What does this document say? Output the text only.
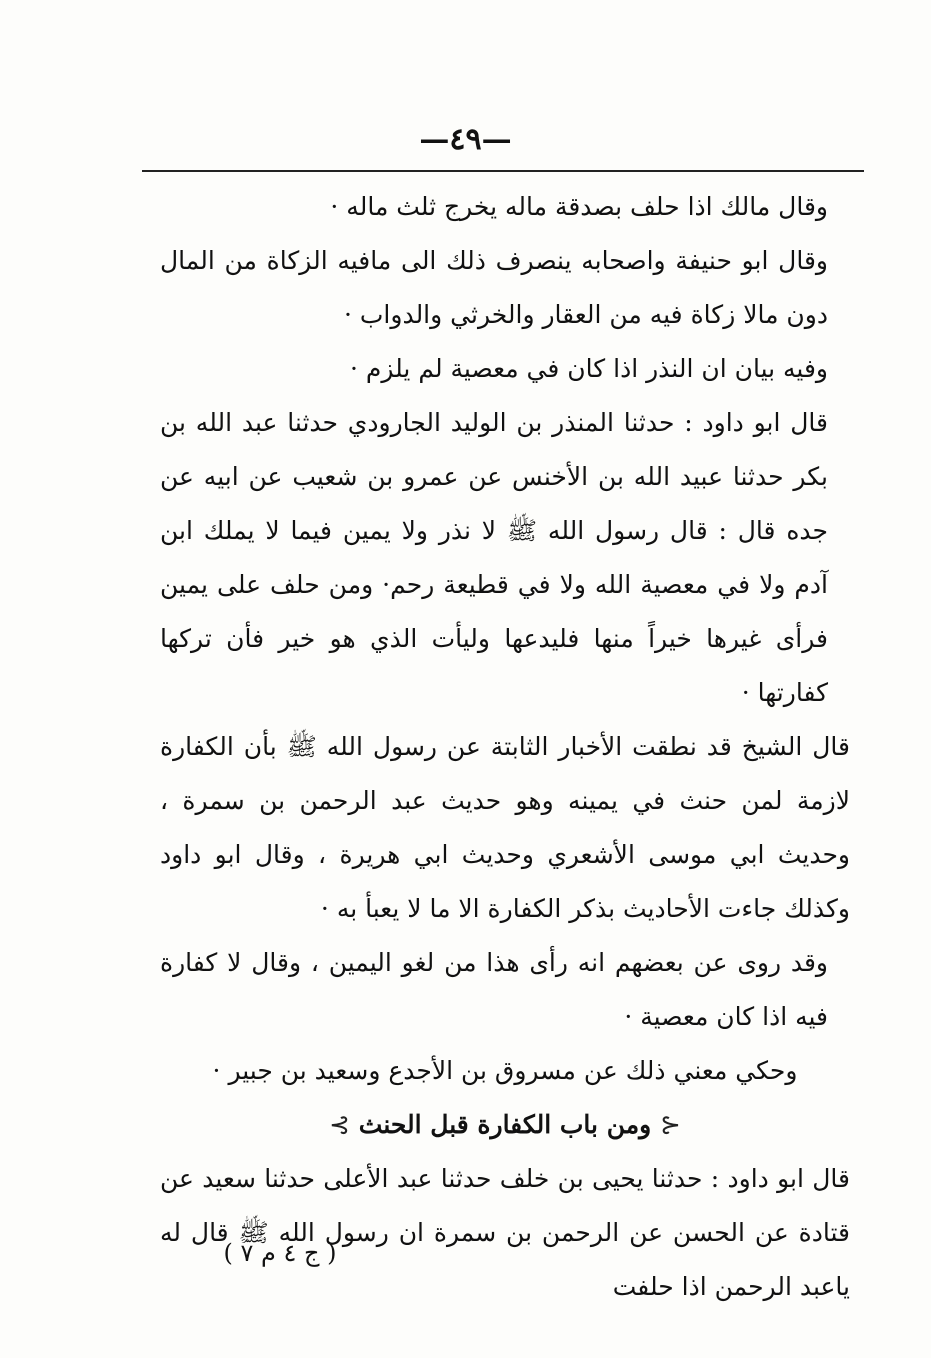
—٤٩—

وقال مالك اذا حلف بصدقة ماله يخرج ثلث ماله ·

وقال ابو حنيفة واصحابه ينصرف ذلك الى مافيه الزكاة من المال دون مالا زكاة فيه من العقار والخرثي والدواب ·

وفيه بيان ان النذر اذا كان في معصية لم يلزم ·

قال ابو داود : حدثنا المنذر بن الوليد الجارودي حدثنا عبد الله بن بكر حدثنا عبيد الله بن الأخنس عن عمرو بن شعيب عن ابيه عن جده قال : قال رسول الله ﷺ لا نذر ولا يمين فيما لا يملك ابن آدم ولا في معصية الله ولا في قطيعة رحم· ومن حلف على يمين فرأى غيرها خيراً منها فليدعها وليأت الذي هو خير فأن تركها كفارتها ·

قال الشيخ قد نطقت الأخبار الثابتة عن رسول الله ﷺ بأن الكفارة لازمة لمن حنث في يمينه وهو حديث عبد الرحمن بن سمرة ، وحديث ابي موسى الأشعري وحديث ابي هريرة ، وقال ابو داود وكذلك جاءت الأحاديث بذكر الكفارة الا ما لا يعبأ به ·

وقد روى عن بعضهم انه رأى هذا من لغو اليمين ، وقال لا كفارة فيه اذا كان معصية ·

وحكي معني ذلك عن مسروق بن الأجدع وسعيد بن جبير ·

⊰ ومن باب الكفارة قبل الحنث ⊱

قال ابو داود : حدثنا يحيى بن خلف حدثنا عبد الأعلى حدثنا سعيد عن قتادة عن الحسن عن الرحمن بن سمرة ان رسول الله ﷺ قال له ياعبد الرحمن اذا حلفت

( ج ٤ م ٧ )
